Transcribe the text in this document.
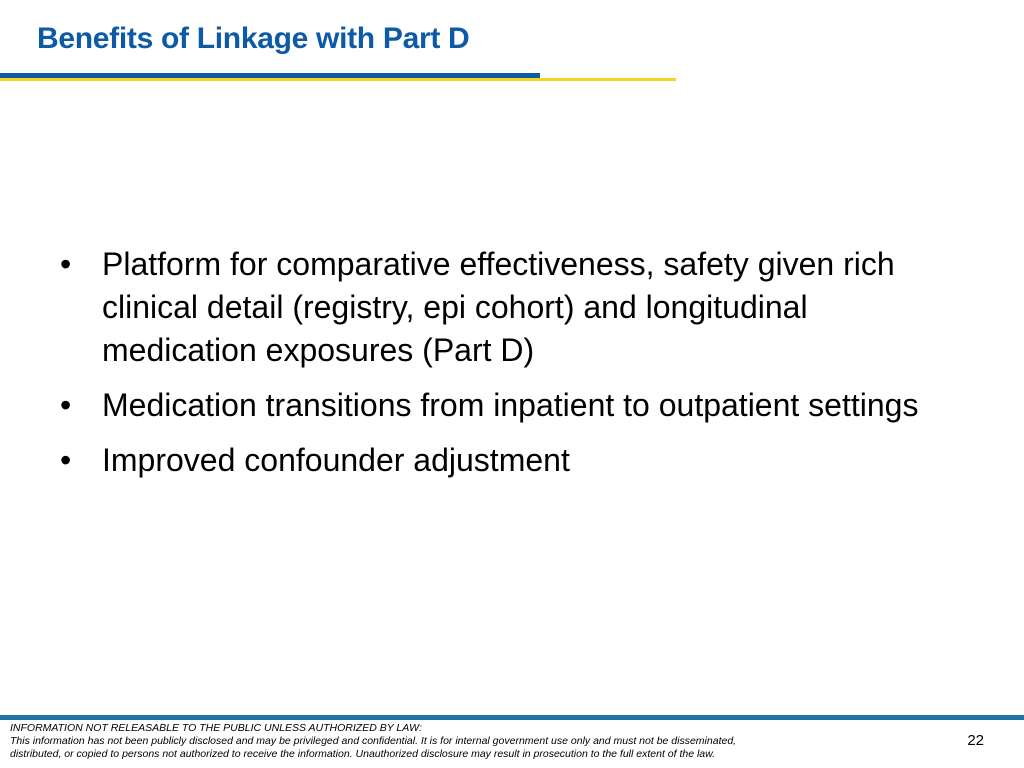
Benefits of Linkage with Part D
• Platform for comparative effectiveness, safety given rich clinical detail (registry, epi cohort) and longitudinal medication exposures (Part D)
• Medication transitions from inpatient to outpatient settings
• Improved confounder adjustment
INFORMATION NOT RELEASABLE TO THE PUBLIC UNLESS AUTHORIZED BY LAW:
This information has not been publicly disclosed and may be privileged and confidential. It is for internal government use only and must not be disseminated,
distributed, or copied to persons not authorized to receive the information. Unauthorized disclosure may result in prosecution to the full extent of the law.
22
